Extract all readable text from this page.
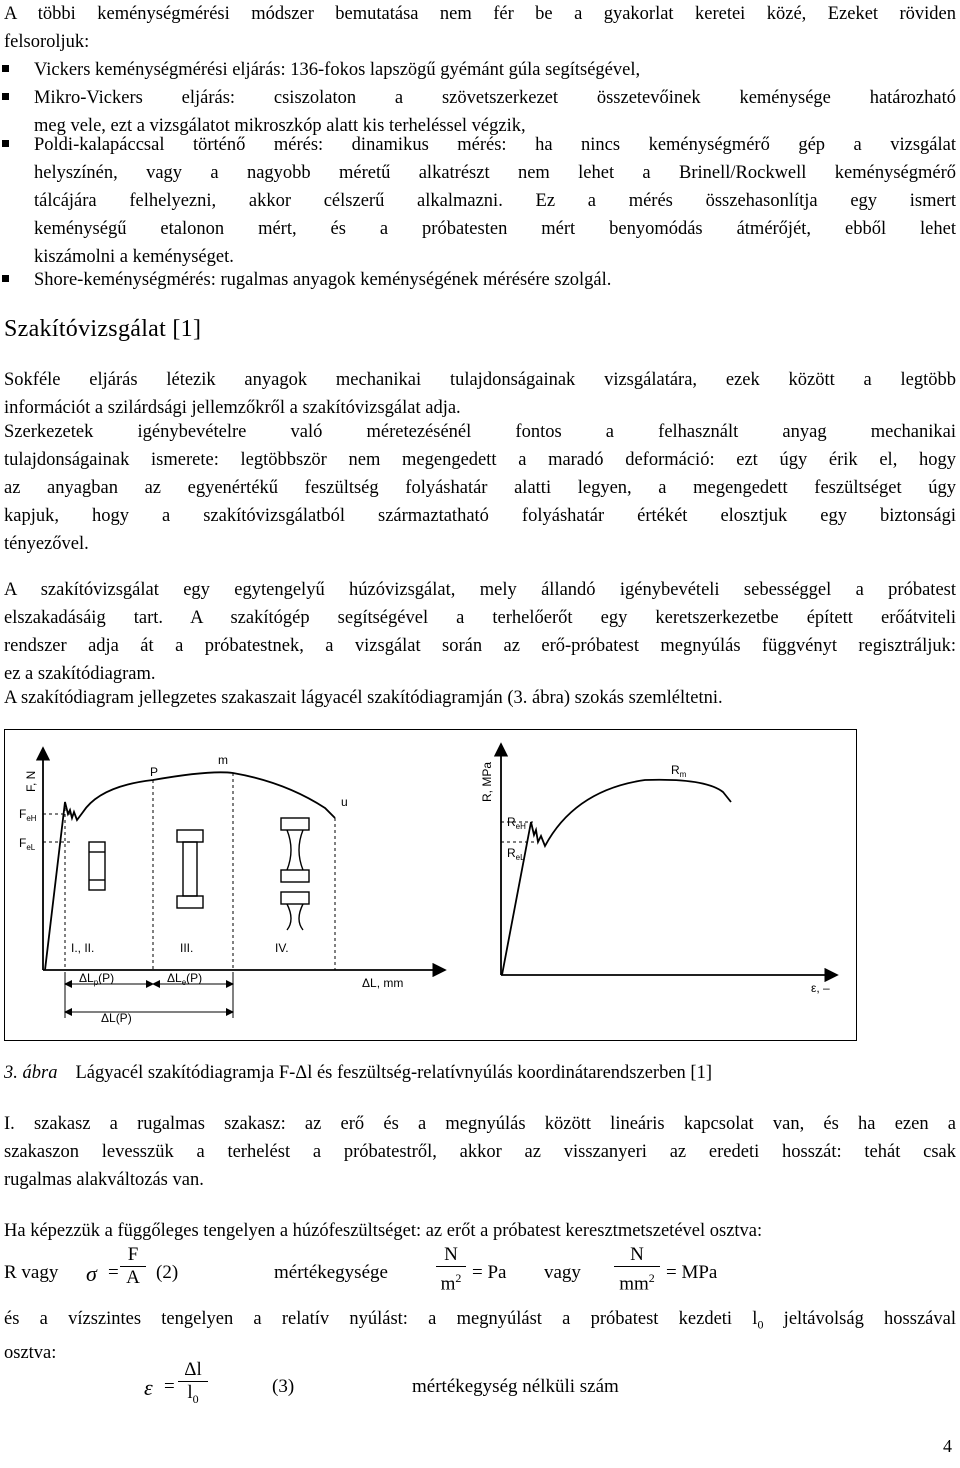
A többi keménységmérési módszer bemutatása nem fér be a gyakorlat keretei közé, Ezeket röviden
felsoroljuk:
Vickers keménységmérési eljárás: 136-fokos lapszögű gyémánt gúla segítségével,
Mikro-Vickers eljárás: csiszolaton a szövetszerkezet összetevőinek keménysége határozható
meg vele, ezt a vizsgálatot mikroszkóp alatt kis terheléssel végzik,
Poldi-kalapáccsal történő mérés: dinamikus mérés: ha nincs keménységmérő gép a vizsgálat
helyszínén, vagy a nagyobb méretű alkatrészt nem lehet a Brinell/Rockwell keménységmérő
tálcájára felhelyezni, akkor célszerű alkalmazni. Ez a mérés összehasonlítja egy ismert
keménységű etalonon mért, és a próbatesten mért benyomódás átmérőjét, ebből lehet
kiszámolni a keménységet.
Shore-keménységmérés: rugalmas anyagok keménységének mérésére szolgál.
Szakítóvizsgálat [1]
Sokféle eljárás létezik anyagok mechanikai tulajdonságainak vizsgálatára, ezek között a legtöbb
információt a szilárdsági jellemzőkről a szakítóvizsgálat adja.
Szerkezetek igénybevételre való méretezésénél fontos a felhasznált anyag mechanikai
tulajdonságainak ismerete: legtöbbször nem megengedett a maradó deformáció: ezt úgy érik el, hogy
az anyagban az egyenértékű feszültség folyáshatár alatti legyen, a megengedett feszültséget úgy
kapjuk, hogy a szakítóvizsgálatból származtatható folyáshatár értékét elosztjuk egy biztonsági
tényezővel.
A szakítóvizsgálat egy egytengelyű húzóvizsgálat, mely állandó igénybevételi sebességgel a próbatest
elszakadásáig tart. A szakítógép segítségével a terhelőerőt egy keretszerkezetbe épített erőátviteli
rendszer adja át a próbatestnek, a vizsgálat során az erő-próbatest megnyúlás függvényt regisztráljuk:
ez a szakítódiagram.
A szakítódiagram jellegzetes szakaszait lágyacél szakítódiagramján (3. ábra) szokás szemléltetni.
F, N	P
m
u
$F_{eH}$
$F_{eL}$
I., II.	III.	IV.
$\Delta L_p(P)$	$\Delta L_e(P)$
ΔL(P)
ΔL, mm
R, MPa	$R_m$
$R_{eH}$
$R_{eL}$
ε, –
3. ábra Lágyacél szakítódiagramja F-Δl és feszültség-relatívnyúlás koordinátarendszerben [1]
I. szakasz a rugalmas szakasz: az erő és a megnyúlás között lineáris kapcsolat van, és ha ezen a
szakaszon levesszük a terhelést a próbatestről, akkor az visszanyeri az eredeti hosszát: tehát csak
rugalmas alakváltozás van.
Ha képezzük a függőleges tengelyen a húzófeszültséget: az erőt a próbatest keresztmetszetével osztva:
R vagy $\sigma = \frac{F}{A} (2)$	mértékegysége	$\frac{N}{m^2} = Pa$ vagy $\frac{N}{mm^2}$ = MPa
és a vízszintes tengelyen a relatív nyúlást: a megnyúlást a próbatest kezdeti $l_0$ jeltávolság hosszával
osztva:
$\varepsilon = \frac{\Delta l}{l_0}$	(3)	mértékegység nélküli szám
4
